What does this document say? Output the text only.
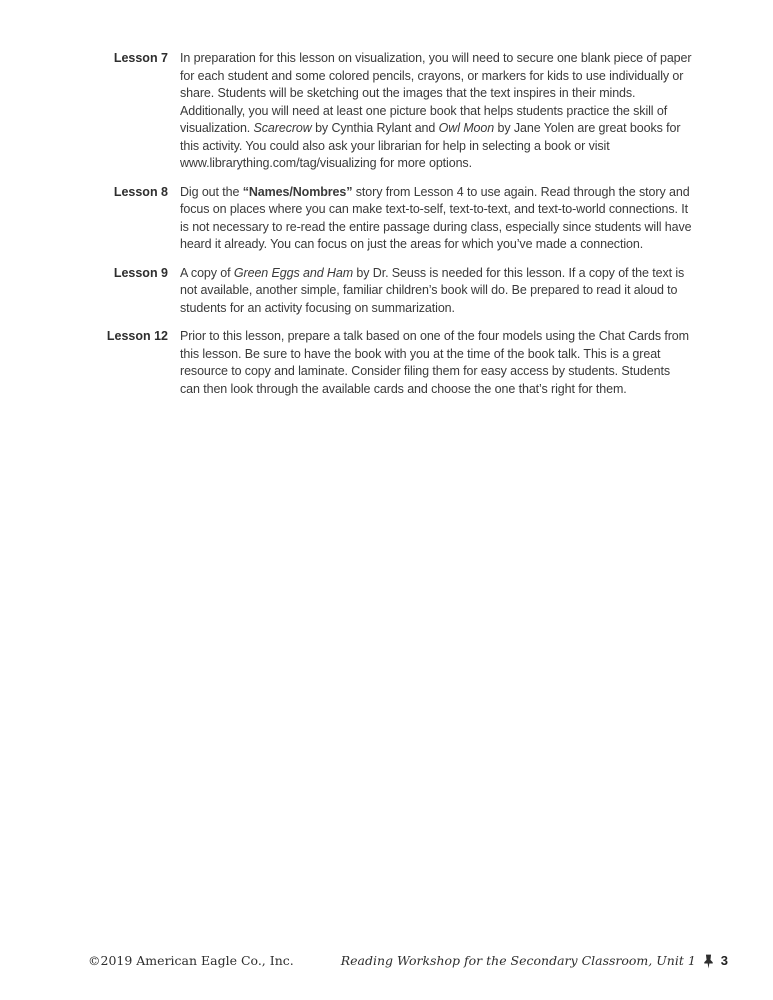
Lesson 7 In preparation for this lesson on visualization, you will need to secure one blank piece of paper for each student and some colored pencils, crayons, or markers for kids to use individually or share. Students will be sketching out the images that the text inspires in their minds. Additionally, you will need at least one picture book that helps students practice the skill of visualization. Scarecrow by Cynthia Rylant and Owl Moon by Jane Yolen are great books for this activity. You could also ask your librarian for help in selecting a book or visit www.librarything.com/tag/visualizing for more options.
Lesson 8 Dig out the “Names/Nombres” story from Lesson 4 to use again. Read through the story and focus on places where you can make text-to-self, text-to-text, and text-to-world connections. It is not necessary to re-read the entire passage during class, especially since students will have heard it already. You can focus on just the areas for which you’ve made a connection.
Lesson 9 A copy of Green Eggs and Ham by Dr. Seuss is needed for this lesson. If a copy of the text is not available, another simple, familiar children’s book will do. Be prepared to read it aloud to students for an activity focusing on summarization.
Lesson 12 Prior to this lesson, prepare a talk based on one of the four models using the Chat Cards from this lesson. Be sure to have the book with you at the time of the book talk. This is a great resource to copy and laminate. Consider filing them for easy access by students. Students can then look through the available cards and choose the one that’s right for them.
©2019 American Eagle Co., Inc.	Reading Workshop for the Secondary Classroom, Unit 1 3
